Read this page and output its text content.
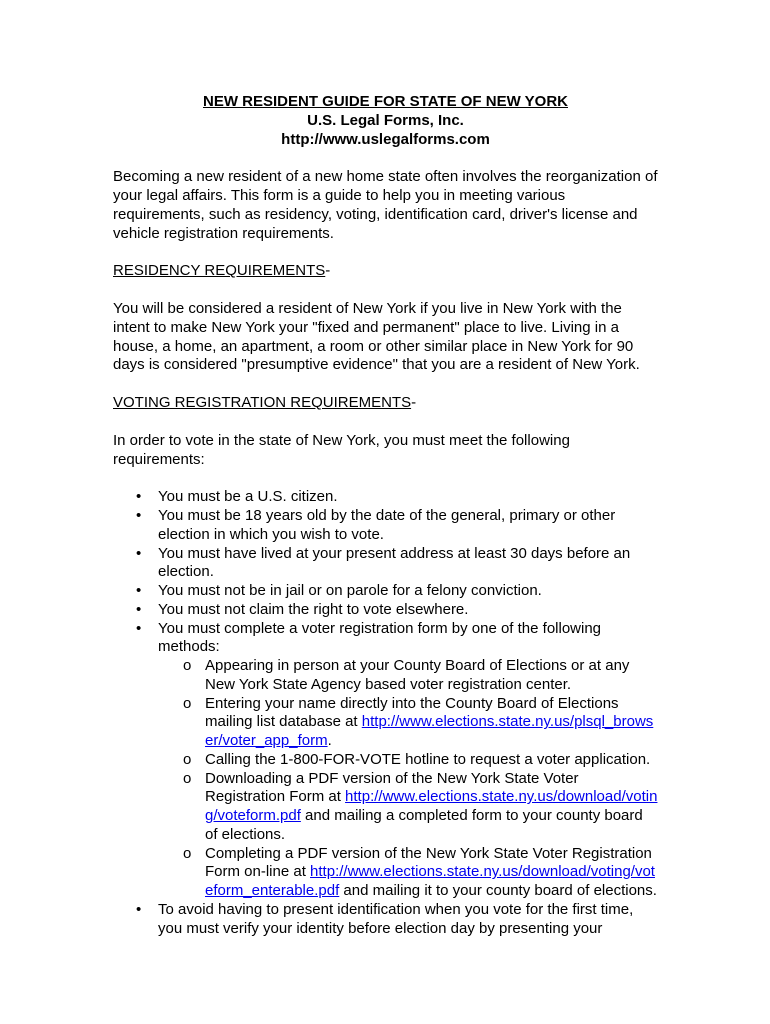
NEW RESIDENT GUIDE FOR STATE OF NEW YORK
U.S. Legal Forms, Inc.
http://www.uslegalforms.com

Becoming a new resident of a new home state often involves the reorganization of your legal affairs. This form is a guide to help you in meeting various requirements, such as residency, voting, identification card, driver's license and vehicle registration requirements.

RESIDENCY REQUIREMENTS-

You will be considered a resident of New York if you live in New York with the intent to make New York your "fixed and permanent" place to live. Living in a house, a home, an apartment, a room or other similar place in New York for 90 days is considered "presumptive evidence" that you are a resident of New York.

VOTING REGISTRATION REQUIREMENTS-

In order to vote in the state of New York, you must meet the following requirements:

• You must be a U.S. citizen.
• You must be 18 years old by the date of the general, primary or other election in which you wish to vote.
• You must have lived at your present address at least 30 days before an election.
• You must not be in jail or on parole for a felony conviction.
• You must not claim the right to vote elsewhere.
• You must complete a voter registration form by one of the following methods:
o Appearing in person at your County Board of Elections or at any New York State Agency based voter registration center.
o Entering your name directly into the County Board of Elections mailing list database at http://www.elections.state.ny.us/plsql_browser/voter_app_form.
o Calling the 1-800-FOR-VOTE hotline to request a voter application.
o Downloading a PDF version of the New York State Voter Registration Form at http://www.elections.state.ny.us/download/voting/voteform.pdf and mailing a completed form to your county board of elections.
o Completing a PDF version of the New York State Voter Registration Form on-line at http://www.elections.state.ny.us/download/voting/voteform_enterable.pdf and mailing it to your county board of elections.
• To avoid having to present identification when you vote for the first time, you must verify your identity before election day by presenting your
